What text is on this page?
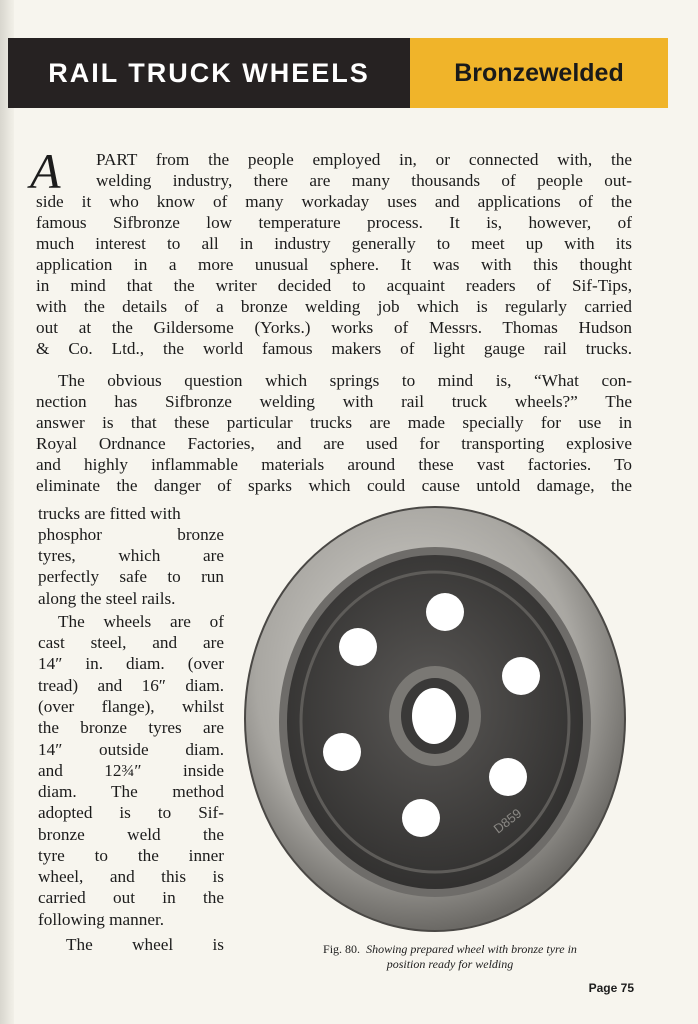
RAIL TRUCK WHEELS	Bronzewelded
A PART from the people employed in, or connected with, the
welding industry, there are many thousands of people out-
side it who know of many workaday uses and applications of the
famous Sifbronze low temperature process. It is, however, of
much interest to all in industry generally to meet up with its
application in a more unusual sphere. It was with this thought
in mind that the writer decided to acquaint readers of Sif-Tips,
with the details of a bronze welding job which is regularly carried
out at the Gildersome (Yorks.) works of Messrs. Thomas Hudson
& Co. Ltd., the world famous makers of light gauge rail trucks.
The obvious question which springs to mind is, “What con-
nection has Sifbronze welding with rail truck wheels?” The
answer is that these particular trucks are made specially for use in
Royal Ordnance Factories, and are used for transporting explosive
and highly inflammable materials around these vast factories. To
eliminate the danger of sparks which could cause untold damage, the
trucks are fitted with
phosphor bronze
tyres, which are
perfectly safe to run
along the steel rails.
The wheels are of
cast steel, and are
14″ in. diam. (over
tread) and 16″ diam.
(over flange), whilst
the bronze tyres are
14″ outside diam.
and 12¾″ inside
diam. The method
adopted is to Sif-
bronze weld the
tyre to the inner
wheel, and this is
carried out in the
following manner.
The wheel is
D859
Fig. 80. Showing prepared wheel with bronze tyre in
position ready for welding
Page 75
